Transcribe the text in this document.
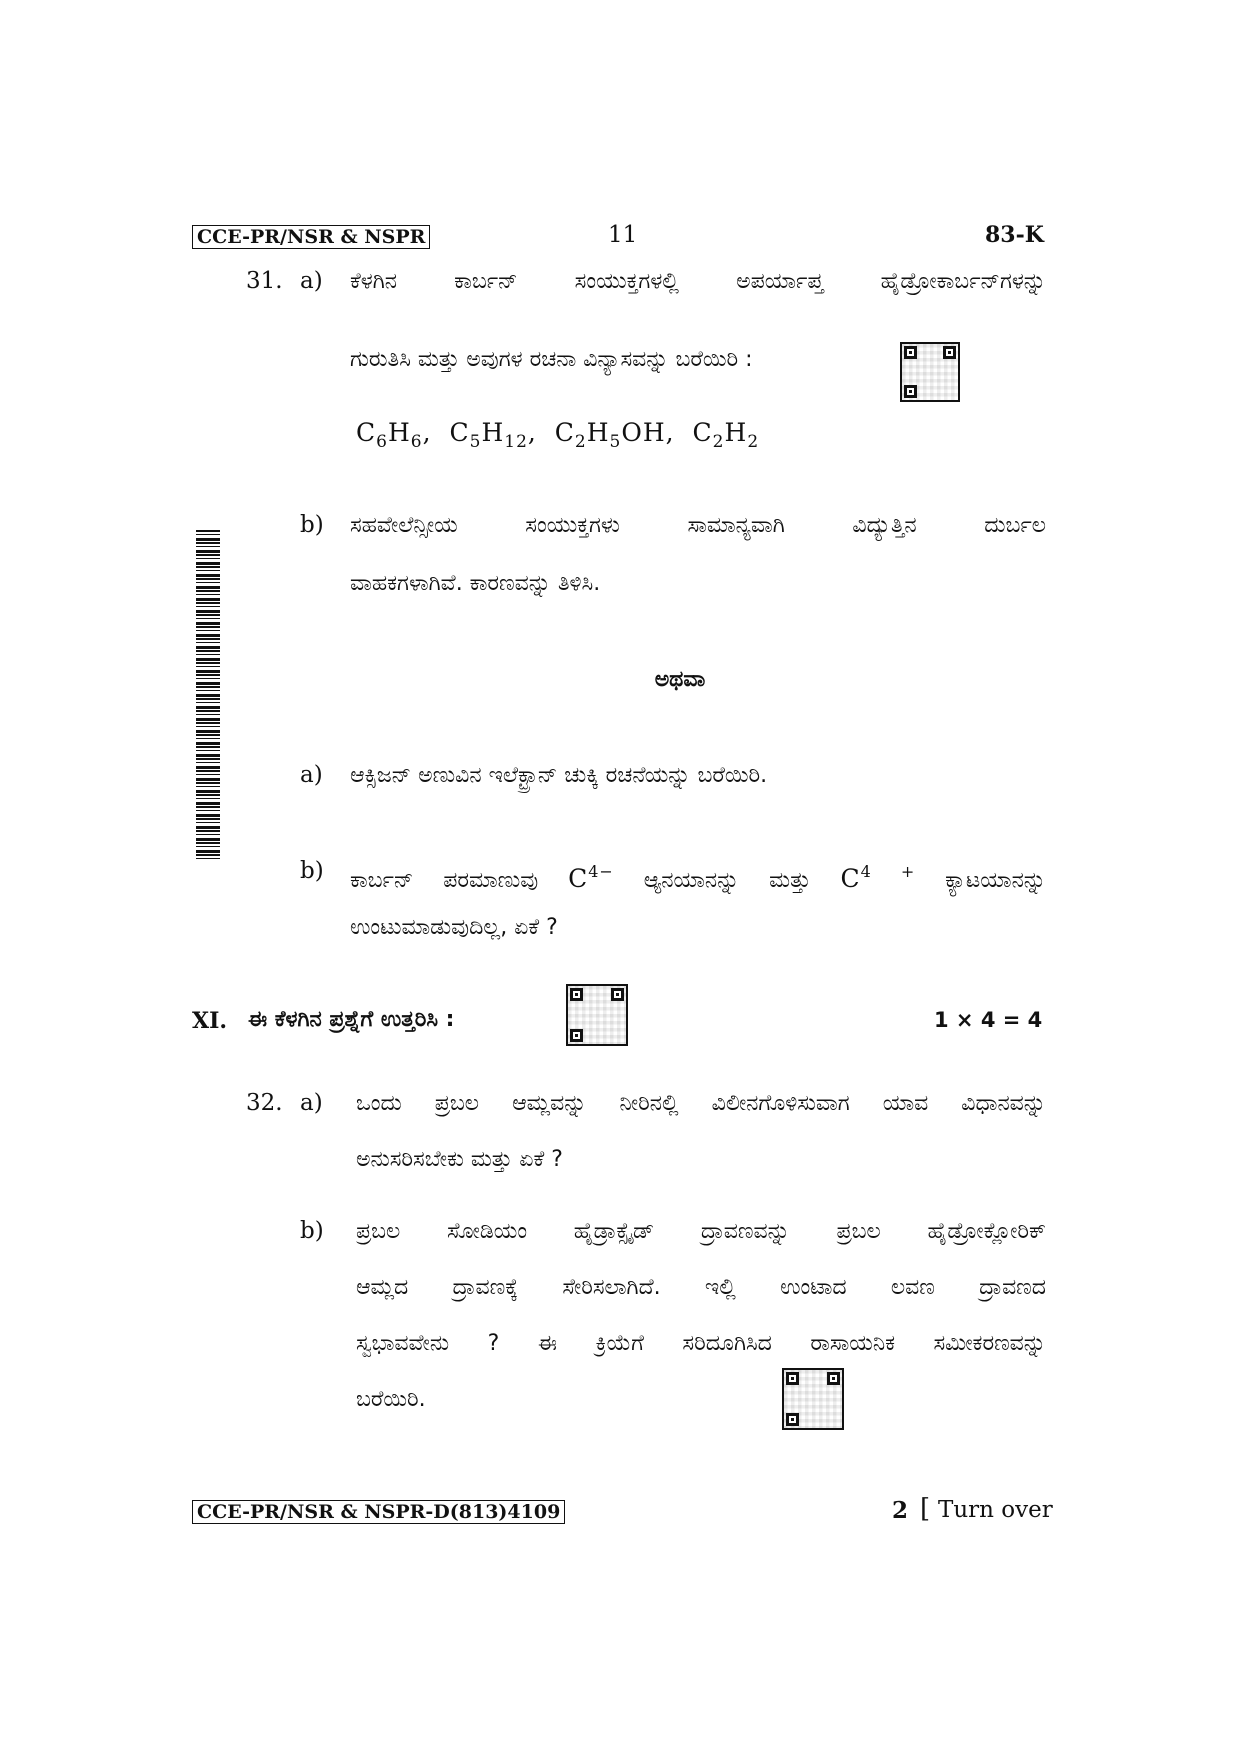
CCE-PR/NSR & NSPR	11	83-K
31. a) ಕೆಳಗಿನ ಕಾರ್ಬನ್ ಸಂಯುಕ್ತಗಳಲ್ಲಿ ಅಪರ್ಯಾಪ್ತ ಹೈಡ್ರೋಕಾರ್ಬನ್‌ಗಳನ್ನು
ಗುರುತಿಸಿ ಮತ್ತು ಅವುಗಳ ರಚನಾ ವಿನ್ಯಾಸವನ್ನು ಬರೆಯಿರಿ :
$C_6H_6$, $C_5H_{12}$, $C_2H_5OH$, $C_2H_2$
b) ಸಹವೇಲೆನ್ಸೀಯ ಸಂಯುಕ್ತಗಳು ಸಾಮಾನ್ಯವಾಗಿ ವಿದ್ಯುತ್ತಿನ ದುರ್ಬಲ
ವಾಹಕಗಳಾಗಿವೆ. ಕಾರಣವನ್ನು ತಿಳಿಸಿ.
ಅಥವಾ
a) ಆಕ್ಸಿಜನ್ ಅಣುವಿನ ಇಲೆಕ್ಟ್ರಾನ್ ಚುಕ್ಕಿ ರಚನೆಯನ್ನು ಬರೆಯಿರಿ.
b) ಕಾರ್ಬನ್ ಪರಮಾಣುವು $C^{4-}$ ಆ್ಯನಯಾನನ್ನು ಮತ್ತು $C^{4 +}$ ಕ್ಯಾಟಯಾನನ್ನು
ಉಂಟುಮಾಡುವುದಿಲ್ಲ, ಏಕೆ ?
XI. ಈ ಕೆಳಗಿನ ಪ್ರಶ್ನೆಗೆ ಉತ್ತರಿಸಿ :	1 × 4 = 4
32. a) ಒಂದು ಪ್ರಬಲ ಆಮ್ಲವನ್ನು ನೀರಿನಲ್ಲಿ ವಿಲೀನಗೊಳಿಸುವಾಗ ಯಾವ ವಿಧಾನವನ್ನು
ಅನುಸರಿಸಬೇಕು ಮತ್ತು ಏಕೆ ?
b) ಪ್ರಬಲ ಸೋಡಿಯಂ ಹೈಡ್ರಾಕ್ಸೈಡ್ ದ್ರಾವಣವನ್ನು ಪ್ರಬಲ ಹೈಡ್ರೋಕ್ಲೋರಿಕ್
ಆಮ್ಲದ ದ್ರಾವಣಕ್ಕೆ ಸೇರಿಸಲಾಗಿದೆ. ಇಲ್ಲಿ ಉಂಟಾದ ಲವಣ ದ್ರಾವಣದ
ಸ್ವಭಾವವೇನು ? ಈ ಕ್ರಿಯೆಗೆ ಸರಿದೂಗಿಸಿದ ರಾಸಾಯನಿಕ ಸಮೀಕರಣವನ್ನು
ಬರೆಯಿರಿ.
CCE-PR/NSR & NSPR-D(813)4109	2 [ Turn over
